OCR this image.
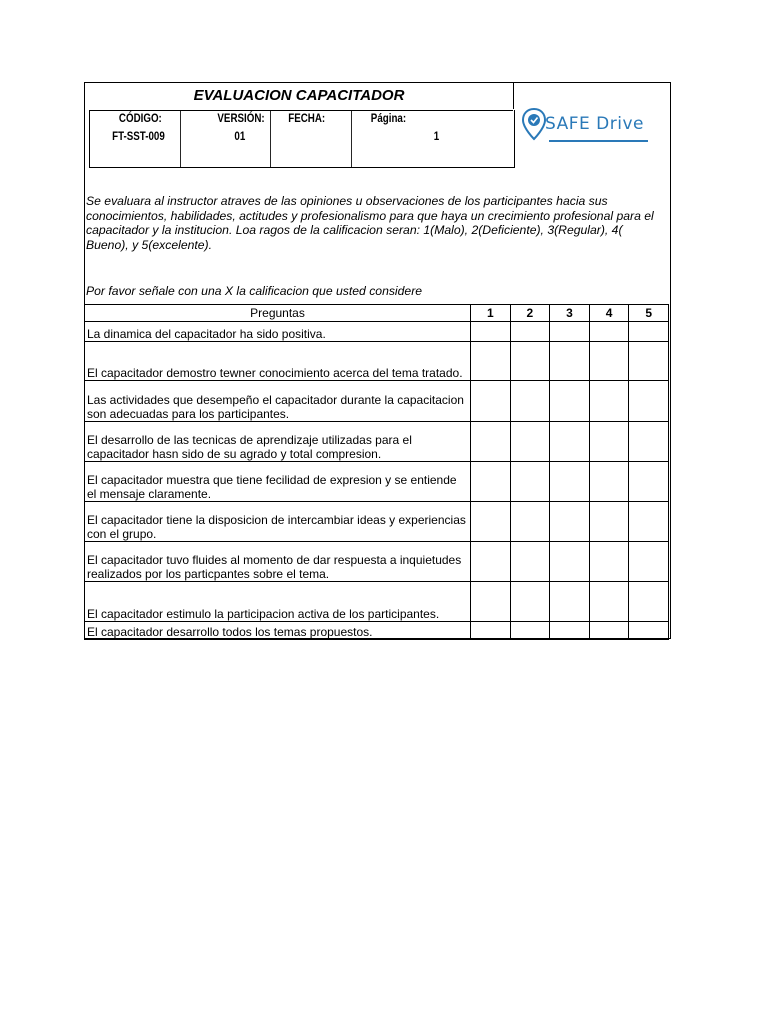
EVALUACION CAPACITADOR
CÓDIGO:
FT-SST-009
VERSIÓN:
01
FECHA:	Página:
1
SAFE Drive

Se evaluara al instructor atraves de las opiniones u observaciones de los participantes hacia sus conocimientos, habilidades, actitudes y profesionalismo para que haya un crecimiento profesional para el capacitador y la institucion. Loa ragos de la calificacion seran: 1(Malo), 2(Deficiente), 3(Regular), 4( Bueno), y 5(excelente).

Por favor señale con una X la calificacion que usted considere
Preguntas	1	2	3	4	5
La dinamica del capacitador ha sido positiva.					
El capacitador demostro tewner conocimiento acerca del tema tratado.					
Las actividades que desempeño el capacitador durante la capacitacion son adecuadas para los participantes.					
El desarrollo de las tecnicas de aprendizaje utilizadas para el capacitador hasn sido de su agrado y total compresion.					
El capacitador muestra que tiene fecilidad de expresion y se entiende el mensaje claramente.					
El capacitador tiene la disposicion de intercambiar ideas y experiencias con el grupo.					
El capacitador tuvo fluides al momento de dar respuesta a inquietudes realizados por los particpantes sobre el tema.					
El capacitador estimulo la participacion activa de los participantes.					
El capacitador desarrollo todos los temas propuestos.					
